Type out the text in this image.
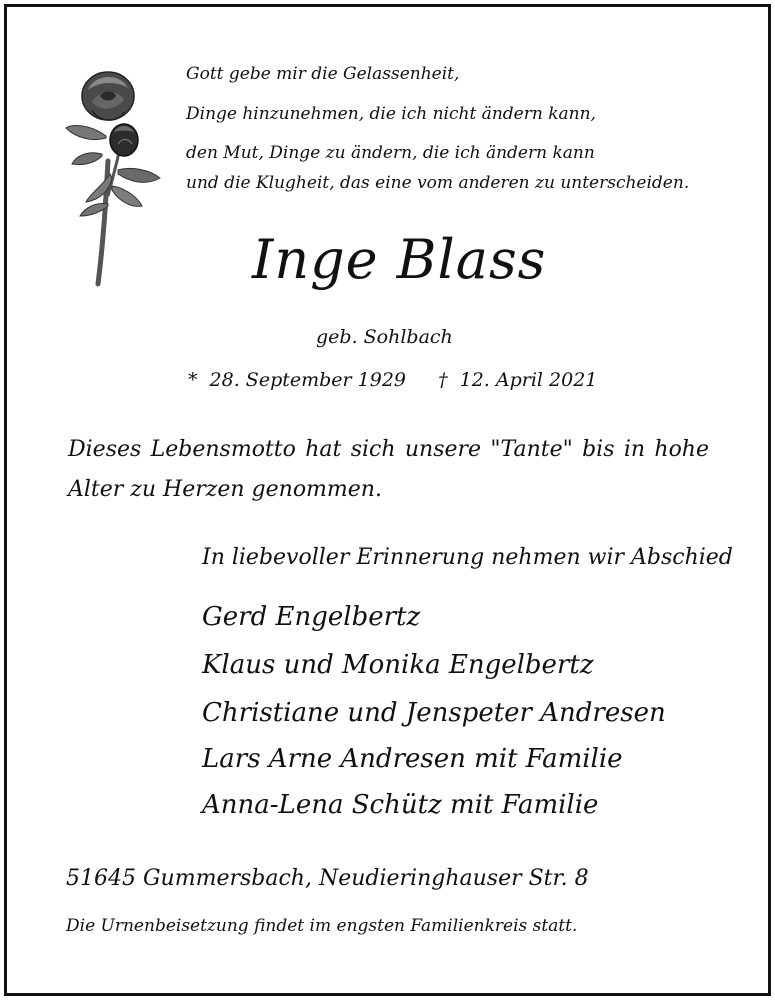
Gott gebe mir die Gelassenheit,
Dinge hinzunehmen, die ich nicht ändern kann,
den Mut, Dinge zu ändern, die ich ändern kann
und die Klugheit, das eine vom anderen zu unterscheiden.
Inge Blass
geb. Sohlbach
* 28. September 1929 † 12. April 2021
Dieses Lebensmotto hat sich unsere "Tante" bis in hohe Alter zu Herzen genommen.
In liebevoller Erinnerung nehmen wir Abschied
Gerd Engelbertz
Klaus und Monika Engelbertz
Christiane und Jenspeter Andresen
Lars Arne Andresen mit Familie
Anna-Lena Schütz mit Familie
51645 Gummersbach, Neudieringhauser Str. 8
Die Urnenbeisetzung findet im engsten Familienkreis statt.
